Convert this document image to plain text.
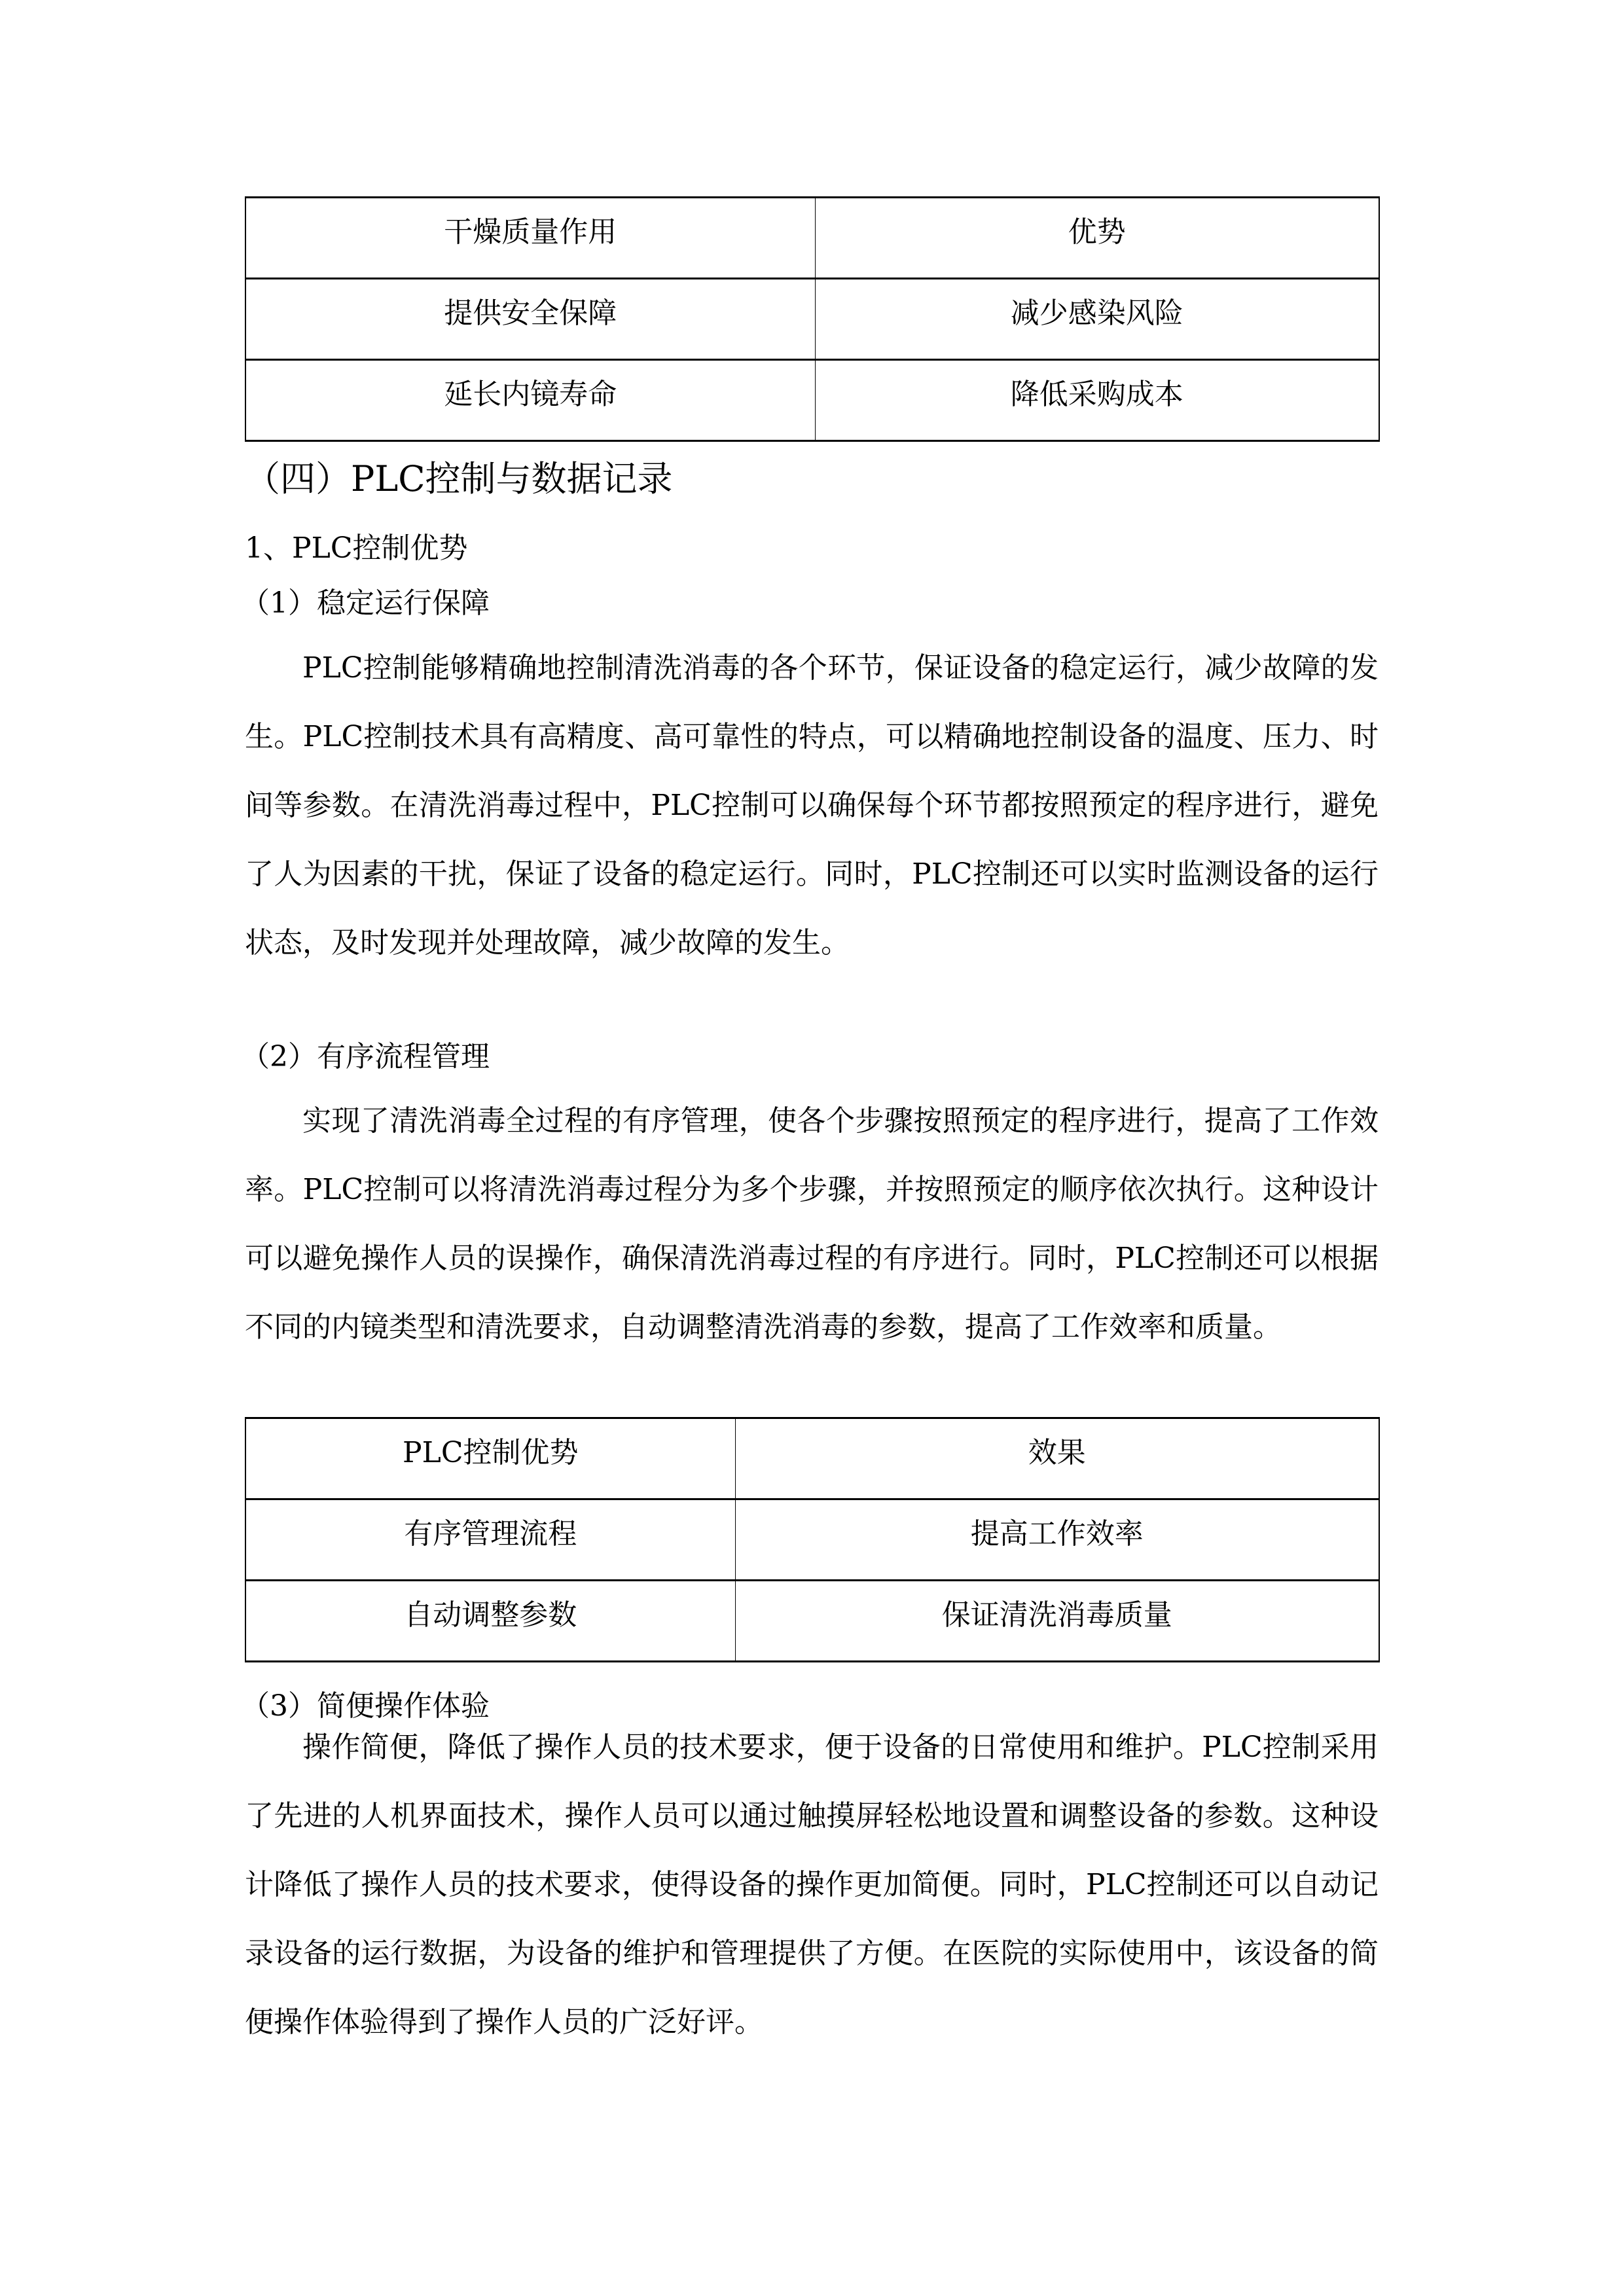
干燥质量作用	优势
提供安全保障	减少感染风险
延长内镜寿命	降低采购成本
（四）PLC控制与数据记录
1、PLC控制优势
（1）稳定运行保障

PLC控制能够精确地控制清洗消毒的各个环节，保证设备的稳定运行，减少故障的发生。PLC控制技术具有高精度、高可靠性的特点，可以精确地控制设备的温度、压力、时间等参数。在清洗消毒过程中，PLC控制可以确保每个环节都按照预定的程序进行，避免了人为因素的干扰，保证了设备的稳定运行。同时，PLC控制还可以实时监测设备的运行状态，及时发现并处理故障，减少故障的发生。

（2）有序流程管理

实现了清洗消毒全过程的有序管理，使各个步骤按照预定的程序进行，提高了工作效率。PLC控制可以将清洗消毒过程分为多个步骤，并按照预定的顺序依次执行。这种设计可以避免操作人员的误操作，确保清洗消毒过程的有序进行。同时，PLC控制还可以根据不同的内镜类型和清洗要求，自动调整清洗消毒的参数，提高了工作效率和质量。

PLC控制优势	效果
有序管理流程	提高工作效率
自动调整参数	保证清洗消毒质量
（3）简便操作体验

操作简便，降低了操作人员的技术要求，便于设备的日常使用和维护。PLC控制采用了先进的人机界面技术，操作人员可以通过触摸屏轻松地设置和调整设备的参数。这种设计降低了操作人员的技术要求，使得设备的操作更加简便。同时，PLC控制还可以自动记录设备的运行数据，为设备的维护和管理提供了方便。在医院的实际使用中，该设备的简便操作体验得到了操作人员的广泛好评。
